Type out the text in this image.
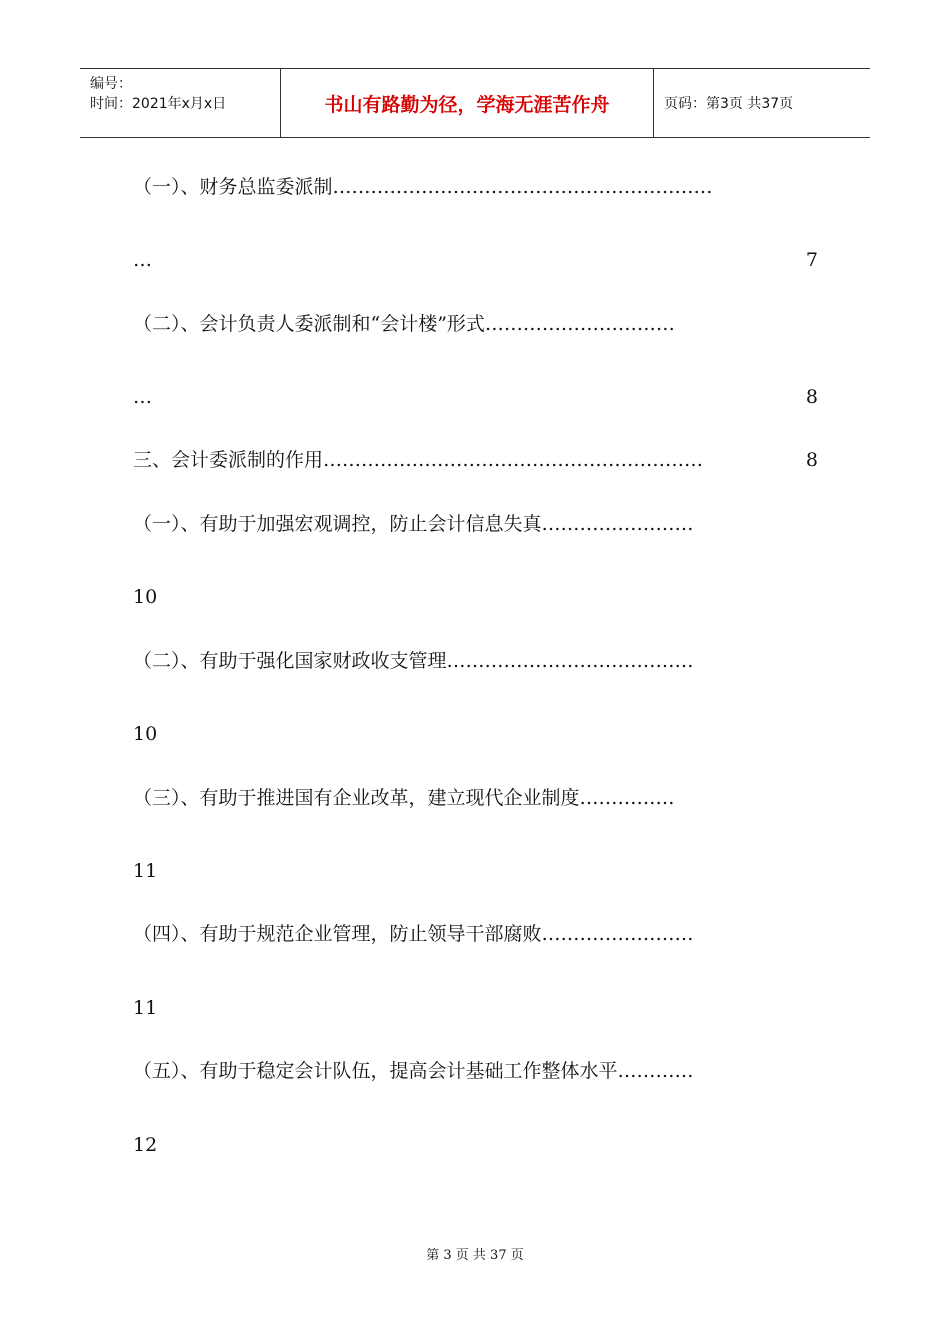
编号：
时间：2021年x月x日	书山有路勤为径，学海无涯苦作舟	页码：第3页 共37页
（一）、财务总监委派制……………………………………………………
…	7
（二）、会计负责人委派制和“会计楼”形式…………………………
…	8
三、会计委派制的作用……………………………………………………	8
（一）、有助于加强宏观调控，防止会计信息失真……………………
10
（二）、有助于强化国家财政收支管理…………………………………
10
（三）、有助于推进国有企业改革，建立现代企业制度……………
11
（四）、有助于规范企业管理，防止领导干部腐败……………………
11
（五）、有助于稳定会计队伍，提高会计基础工作整体水平…………
12
第 3 页 共 37 页
